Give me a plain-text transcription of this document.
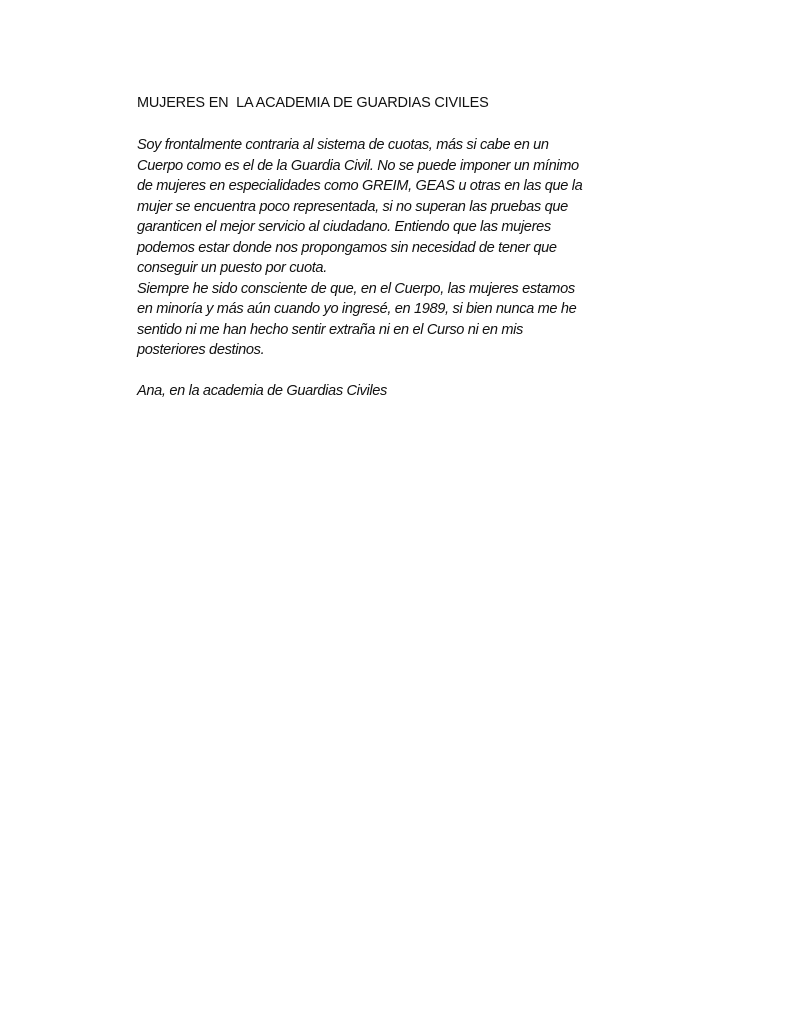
MUJERES EN  LA ACADEMIA DE GUARDIAS CIVILES
Soy frontalmente contraria al sistema de cuotas, más si cabe en un
Cuerpo como es el de la Guardia Civil. No se puede imponer un mínimo
de mujeres en especialidades como GREIM, GEAS u otras en las que la
mujer se encuentra poco representada, si no superan las pruebas que
garanticen el mejor servicio al ciudadano. Entiendo que las mujeres
podemos estar donde nos propongamos sin necesidad de tener que
conseguir un puesto por cuota.
Siempre he sido consciente de que, en el Cuerpo, las mujeres estamos
en minoría y más aún cuando yo ingresé, en 1989, si bien nunca me he
sentido ni me han hecho sentir extraña ni en el Curso ni en mis
posteriores destinos.
Ana, en la academia de Guardias Civiles
